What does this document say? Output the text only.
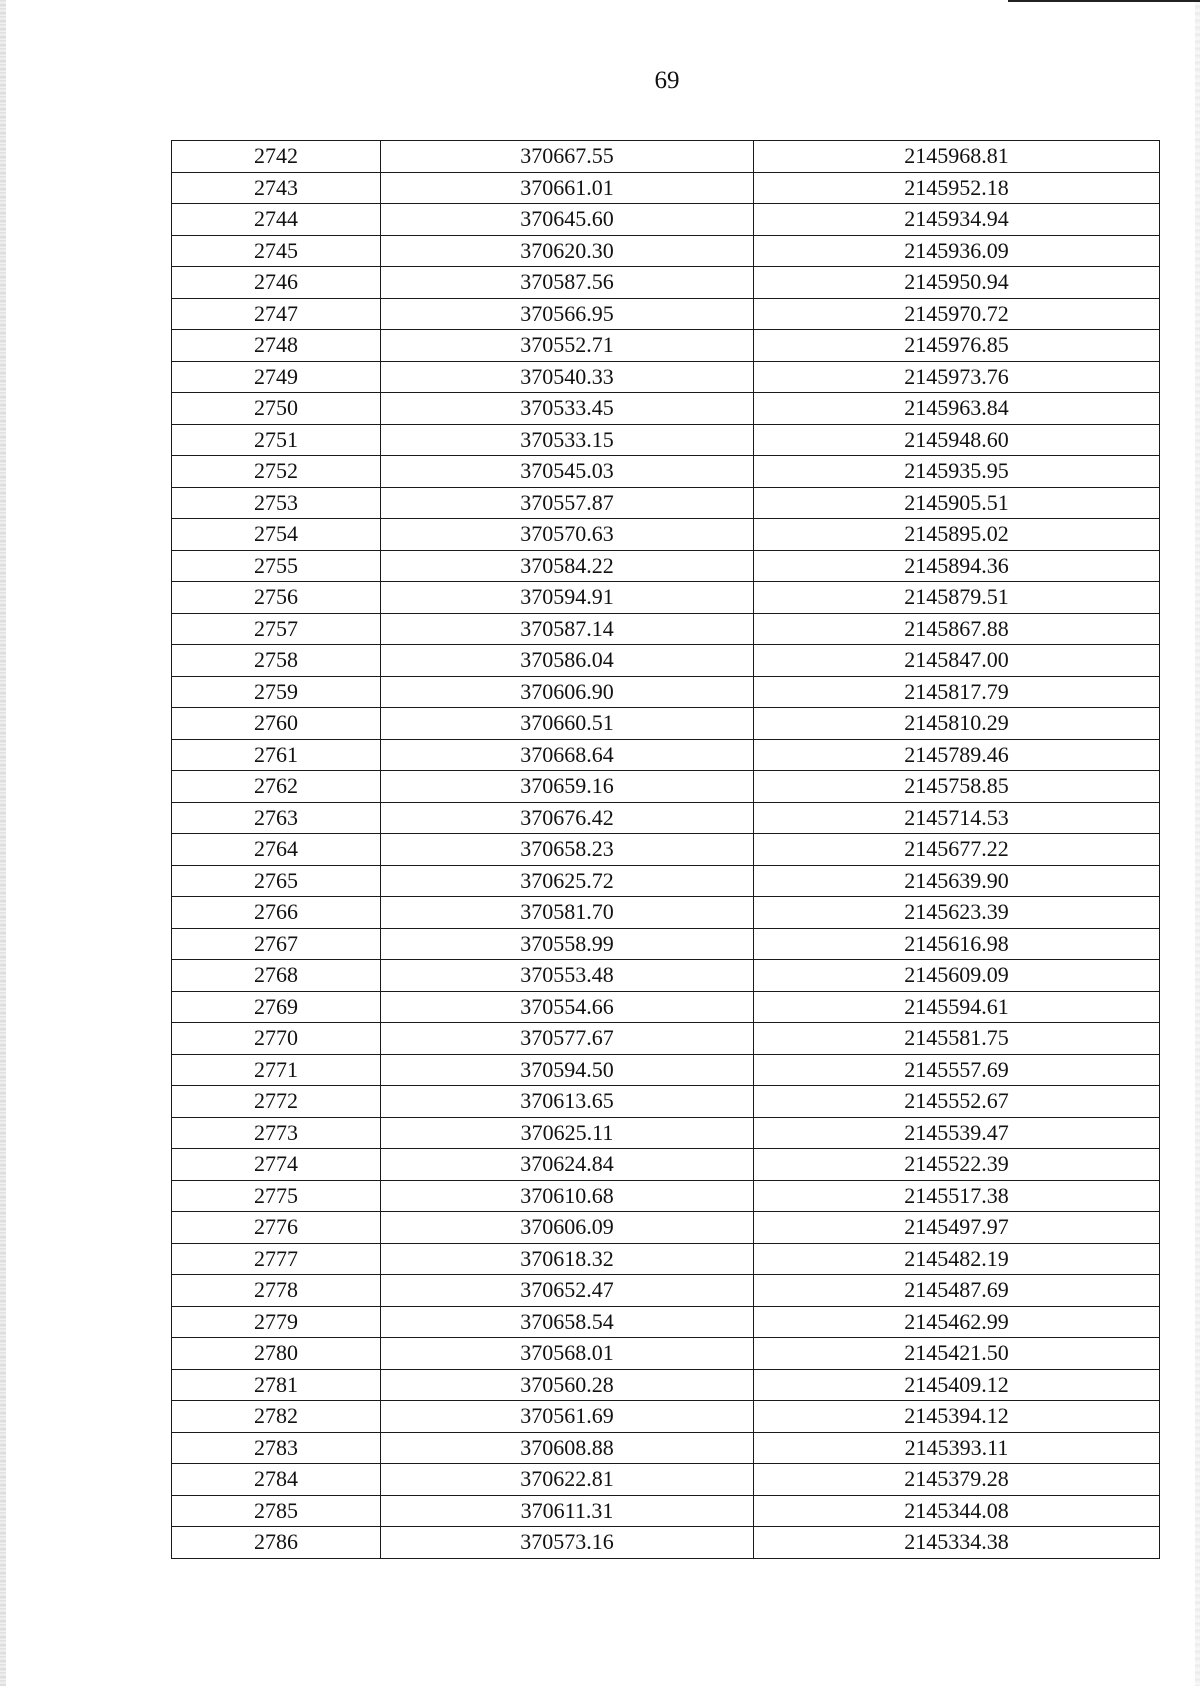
69
2742	370667.55	2145968.81
2743	370661.01	2145952.18
2744	370645.60	2145934.94
2745	370620.30	2145936.09
2746	370587.56	2145950.94
2747	370566.95	2145970.72
2748	370552.71	2145976.85
2749	370540.33	2145973.76
2750	370533.45	2145963.84
2751	370533.15	2145948.60
2752	370545.03	2145935.95
2753	370557.87	2145905.51
2754	370570.63	2145895.02
2755	370584.22	2145894.36
2756	370594.91	2145879.51
2757	370587.14	2145867.88
2758	370586.04	2145847.00
2759	370606.90	2145817.79
2760	370660.51	2145810.29
2761	370668.64	2145789.46
2762	370659.16	2145758.85
2763	370676.42	2145714.53
2764	370658.23	2145677.22
2765	370625.72	2145639.90
2766	370581.70	2145623.39
2767	370558.99	2145616.98
2768	370553.48	2145609.09
2769	370554.66	2145594.61
2770	370577.67	2145581.75
2771	370594.50	2145557.69
2772	370613.65	2145552.67
2773	370625.11	2145539.47
2774	370624.84	2145522.39
2775	370610.68	2145517.38
2776	370606.09	2145497.97
2777	370618.32	2145482.19
2778	370652.47	2145487.69
2779	370658.54	2145462.99
2780	370568.01	2145421.50
2781	370560.28	2145409.12
2782	370561.69	2145394.12
2783	370608.88	2145393.11
2784	370622.81	2145379.28
2785	370611.31	2145344.08
2786	370573.16	2145334.38
